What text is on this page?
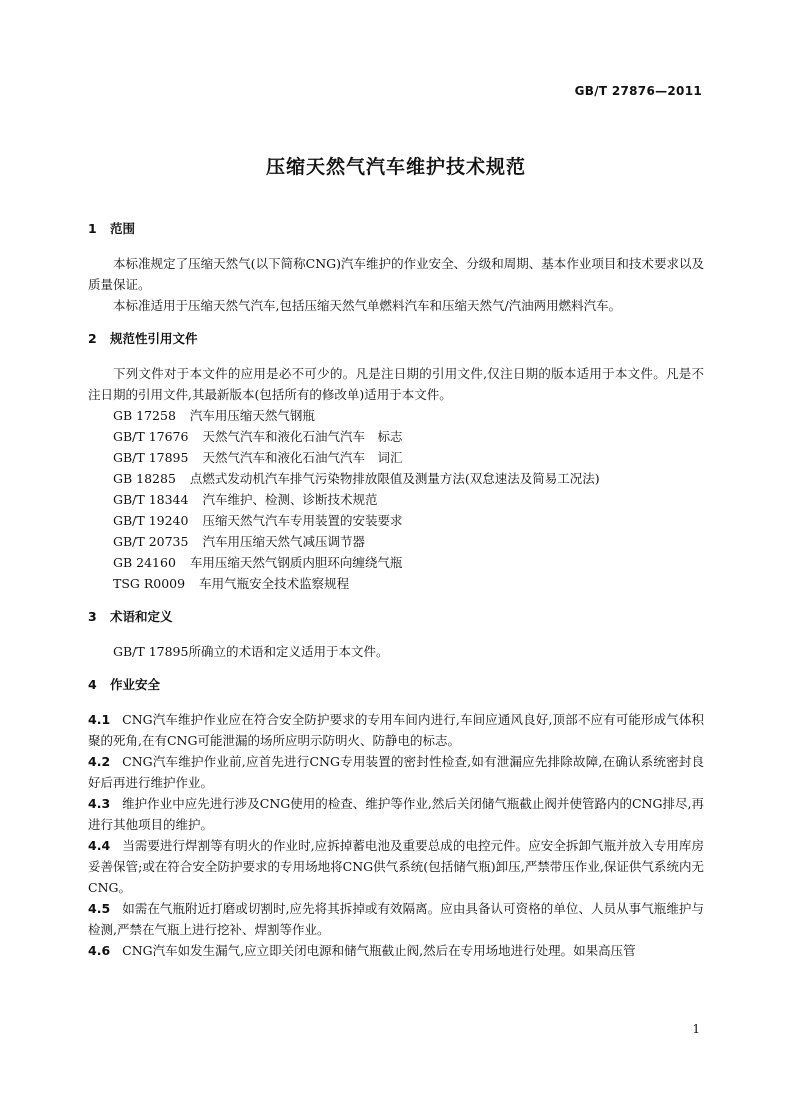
GB/T 27876—2011
压缩天然气汽车维护技术规范

1 范围

本标准规定了压缩天然气(以下简称CNG)汽车维护的作业安全、分级和周期、基本作业项目和技术要求以及质量保证。

本标准适用于压缩天然气汽车,包括压缩天然气单燃料汽车和压缩天然气/汽油两用燃料汽车。

2 规范性引用文件

下列文件对于本文件的应用是必不可少的。凡是注日期的引用文件,仅注日期的版本适用于本文件。凡是不注日期的引用文件,其最新版本(包括所有的修改单)适用于本文件。

GB 17258 汽车用压缩天然气钢瓶
GB/T 17676 天然气汽车和液化石油气汽车　标志
GB/T 17895 天然气汽车和液化石油气汽车　词汇
GB 18285 点燃式发动机汽车排气污染物排放限值及测量方法(双怠速法及简易工况法)
GB/T 18344 汽车维护、检测、诊断技术规范
GB/T 19240 压缩天然气汽车专用装置的安装要求
GB/T 20735 汽车用压缩天然气减压调节器
GB 24160 车用压缩天然气钢质内胆环向缠绕气瓶
TSG R0009 车用气瓶安全技术监察规程

3 术语和定义

GB/T 17895所确立的术语和定义适用于本文件。

4 作业安全

4.1 CNG汽车维护作业应在符合安全防护要求的专用车间内进行,车间应通风良好,顶部不应有可能形成气体积聚的死角,在有CNG可能泄漏的场所应明示防明火、防静电的标志。

4.2 CNG汽车维护作业前,应首先进行CNG专用装置的密封性检查,如有泄漏应先排除故障,在确认系统密封良好后再进行维护作业。

4.3 维护作业中应先进行涉及CNG使用的检查、维护等作业,然后关闭储气瓶截止阀并使管路内的CNG排尽,再进行其他项目的维护。

4.4 当需要进行焊割等有明火的作业时,应拆掉蓄电池及重要总成的电控元件。应安全拆卸气瓶并放入专用库房妥善保管;或在符合安全防护要求的专用场地将CNG供气系统(包括储气瓶)卸压,严禁带压作业,保证供气系统内无CNG。

4.5 如需在气瓶附近打磨或切割时,应先将其拆掉或有效隔离。应由具备认可资格的单位、人员从事气瓶维护与检测,严禁在气瓶上进行挖补、焊割等作业。

4.6 CNG汽车如发生漏气,应立即关闭电源和储气瓶截止阀,然后在专用场地进行处理。如果高压管

1
